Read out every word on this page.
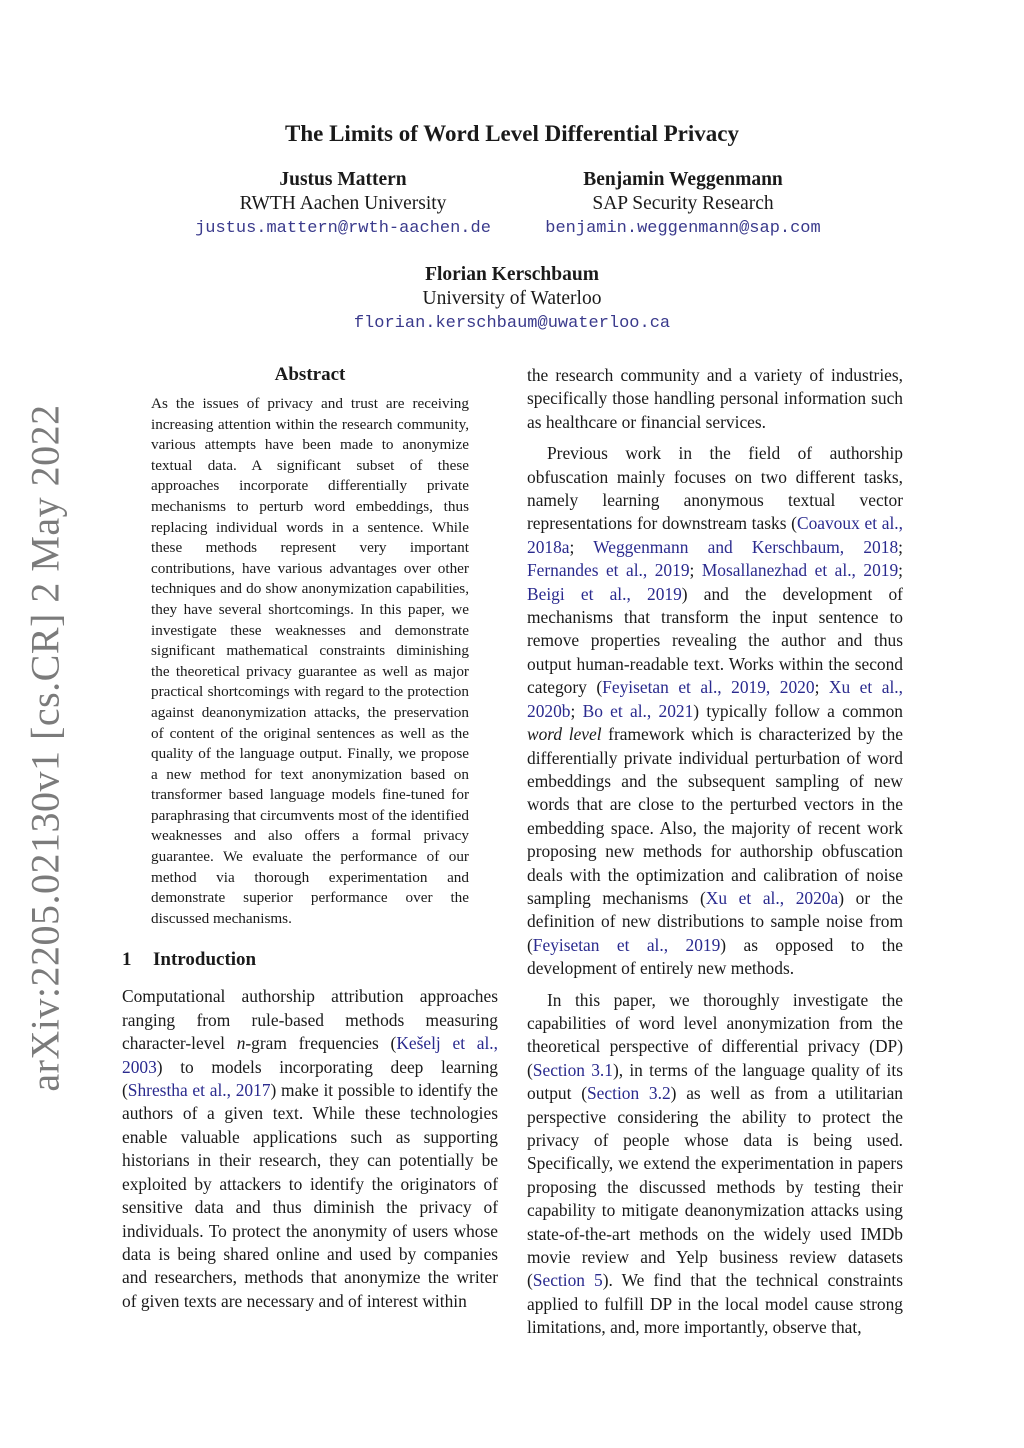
arXiv:2205.02130v1 [cs.CR] 2 May 2022
The Limits of Word Level Differential Privacy
Justus Mattern
RWTH Aachen University
justus.mattern@rwth-aachen.de
Benjamin Weggenmann
SAP Security Research
benjamin.weggenmann@sap.com
Florian Kerschbaum
University of Waterloo
florian.kerschbaum@uwaterloo.ca
Abstract

As the issues of privacy and trust are receiving increasing attention within the research community, various attempts have been made to anonymize textual data. A significant subset of these approaches incorporate differentially private mechanisms to perturb word embeddings, thus replacing individual words in a sentence. While these methods represent very important contributions, have various advantages over other techniques and do show anonymization capabilities, they have several shortcomings. In this paper, we investigate these weaknesses and demonstrate significant mathematical constraints diminishing the theoretical privacy guarantee as well as major practical shortcomings with regard to the protection against deanonymization attacks, the preservation of content of the original sentences as well as the quality of the language output. Finally, we propose a new method for text anonymization based on transformer based language models fine-tuned for paraphrasing that circumvents most of the identified weaknesses and also offers a formal privacy guarantee. We evaluate the performance of our method via thorough experimentation and demonstrate superior performance over the discussed mechanisms.

1 Introduction

Computational authorship attribution approaches ranging from rule-based methods measuring character-level n-gram frequencies (Kešelj et al., 2003) to models incorporating deep learning (Shrestha et al., 2017) make it possible to identify the authors of a given text. While these technologies enable valuable applications such as supporting historians in their research, they can potentially be exploited by attackers to identify the originators of sensitive data and thus diminish the privacy of individuals. To protect the anonymity of users whose data is being shared online and used by companies and researchers, methods that anonymize the writer of given texts are necessary and of interest within

the research community and a variety of industries, specifically those handling personal information such as healthcare or financial services.

Previous work in the field of authorship obfuscation mainly focuses on two different tasks, namely learning anonymous textual vector representations for downstream tasks (Coavoux et al., 2018a; Weggenmann and Kerschbaum, 2018; Fernandes et al., 2019; Mosallanezhad et al., 2019; Beigi et al., 2019) and the development of mechanisms that transform the input sentence to remove properties revealing the author and thus output human-readable text. Works within the second category (Feyisetan et al., 2019, 2020; Xu et al., 2020b; Bo et al., 2021) typically follow a common word level framework which is characterized by the differentially private individual perturbation of word embeddings and the subsequent sampling of new words that are close to the perturbed vectors in the embedding space. Also, the majority of recent work proposing new methods for authorship obfuscation deals with the optimization and calibration of noise sampling mechanisms (Xu et al., 2020a) or the definition of new distributions to sample noise from (Feyisetan et al., 2019) as opposed to the development of entirely new methods.

In this paper, we thoroughly investigate the capabilities of word level anonymization from the theoretical perspective of differential privacy (DP) (Section 3.1), in terms of the language quality of its output (Section 3.2) as well as from a utilitarian perspective considering the ability to protect the privacy of people whose data is being used. Specifically, we extend the experimentation in papers proposing the discussed methods by testing their capability to mitigate deanonymization attacks using state-of-the-art methods on the widely used IMDb movie review and Yelp business review datasets (Section 5). We find that the technical constraints applied to fulfill DP in the local model cause strong limitations, and, more importantly, observe that,
